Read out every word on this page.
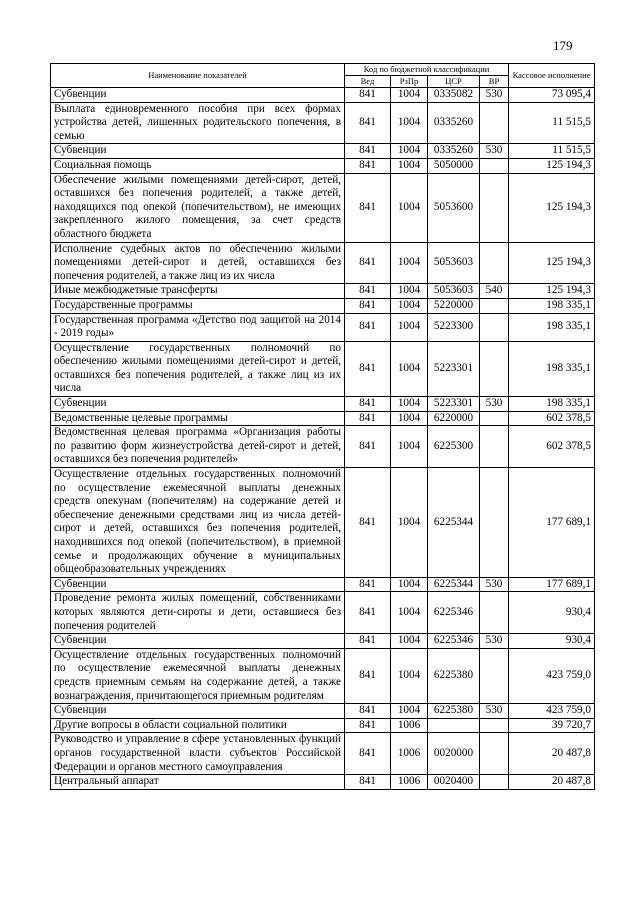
179
Наименование показателей	Код по бюджетной классификации				Кассовое исполнение
	Вед	РзПр	ЦСР	ВР	
Субвенции	841	1004	0335082	530	73 095,4
Выплата единовременного пособия при всех формах устройства детей, лишенных родительского попечения, в семью	841	1004	0335260		11 515,5
Субвенции	841	1004	0335260	530	11 515,5
Социальная помощь	841	1004	5050000		125 194,3
Обеспечение жилыми помещениями детей-сирот, детей, оставшихся без попечения родителей, а также детей, находящихся под опекой (попечительством), не имеющих закрепленного жилого помещения, за счет средств областного бюджета	841	1004	5053600		125 194,3
Исполнение судебных актов по обеспечению жилыми помещениями детей-сирот и детей, оставшихся без попечения родителей, а также лиц из их числа	841	1004	5053603		125 194,3
Иные межбюджетные трансферты	841	1004	5053603	540	125 194,3
Государственные программы	841	1004	5220000		198 335,1
Государственная программа «Детство под защитой на 2014 - 2019 годы»	841	1004	5223300		198 335,1
Осуществление государственных полномочий по обеспечению жилыми помещениями детей-сирот и детей, оставшихся без попечения родителей, а также лиц из их числа	841	1004	5223301		198 335,1
Субвенции	841	1004	5223301	530	198 335,1
Ведомственные целевые программы	841	1004	6220000		602 378,5
Ведомственная целевая программа «Организация работы по развитию форм жизнеустройства детей-сирот и детей, оставшихся без попечения родителей»	841	1004	6225300		602 378,5
Осуществление отдельных государственных полномочий по осуществление ежемесячной выплаты денежных средств опекунам (попечителям) на содержание детей и обеспечение денежными средствами лиц из числа детей-сирот и детей, оставшихся без попечения родителей, находившихся под опекой (попечительством), в приемной семье и продолжающих обучение в муниципальных общеобразовательных учреждениях	841	1004	6225344		177 689,1
Субвенции	841	1004	6225344	530	177 689,1
Проведение ремонта жилых помещений, собственниками которых являются дети-сироты и дети, оставшиеся без попечения родителей	841	1004	6225346		930,4
Субвенции	841	1004	6225346	530	930,4
Осуществление отдельных государственных полномочий по осуществление ежемесячной выплаты денежных средств приемным семьям на содержание детей, а также вознаграждения, причитающегося приемным родителям	841	1004	6225380		423 759,0
Субвенции	841	1004	6225380	530	423 759,0
Другие вопросы в области социальной политики	841	1006			39 720,7
Руководство и управление в сфере установленных функций органов государственной власти субъектов Российской Федерации и органов местного самоуправления	841	1006	0020000		20 487,8
Центральный аппарат	841	1006	0020400		20 487,8
